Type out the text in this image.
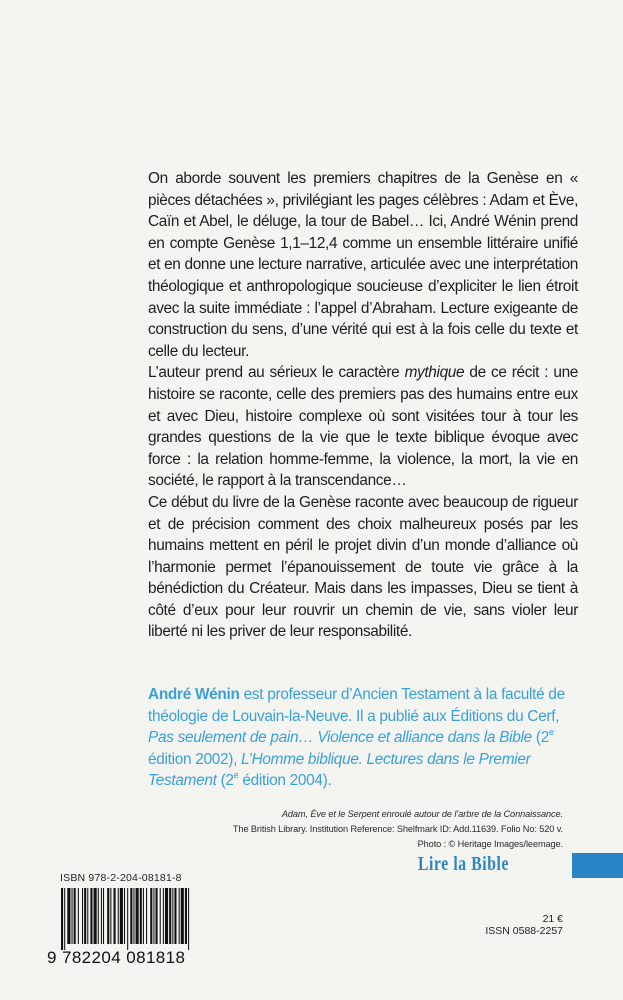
On aborde souvent les premiers chapitres de la Genèse en « pièces détachées », privilégiant les pages célèbres : Adam et Ève, Caïn et Abel, le déluge, la tour de Babel… Ici, André Wénin prend en compte Genèse 1,1–12,4 comme un ensemble littéraire unifié et en donne une lecture narrative, articulée avec une interprétation théologique et anthropologique soucieuse d’expliciter le lien étroit avec la suite immédiate : l’appel d’Abraham. Lecture exigeante de construction du sens, d’une vérité qui est à la fois celle du texte et celle du lecteur.

L’auteur prend au sérieux le caractère mythique de ce récit : une histoire se raconte, celle des premiers pas des humains entre eux et avec Dieu, histoire complexe où sont visitées tour à tour les grandes questions de la vie que le texte biblique évoque avec force : la relation homme-femme, la violence, la mort, la vie en société, le rapport à la transcendance…

Ce début du livre de la Genèse raconte avec beaucoup de rigueur et de précision comment des choix malheureux posés par les humains mettent en péril le projet divin d’un monde d’alliance où l’harmonie permet l’épanouissement de toute vie grâce à la bénédiction du Créateur. Mais dans les impasses, Dieu se tient à côté d’eux pour leur rouvrir un chemin de vie, sans violer leur liberté ni les priver de leur responsabilité.

André Wénin est professeur d’Ancien Testament à la faculté de théologie de Louvain-la-Neuve. Il a publié aux Éditions du Cerf, Pas seulement de pain… Violence et alliance dans la Bible (2e édition 2002), L’Homme biblique. Lectures dans le Premier Testament (2e édition 2004).
Adam, Ève et le Serpent enroulé autour de l’arbre de la Connaissance.
The British Library. Institution Reference: Shelfmark ID: Add.11639. Folio No: 520 v.
Photo : © Heritage Images/leemage.
Lire la Bible
ISBN 978-2-204-08181-8
9 782204 081818
21 €
ISSN 0588-2257
